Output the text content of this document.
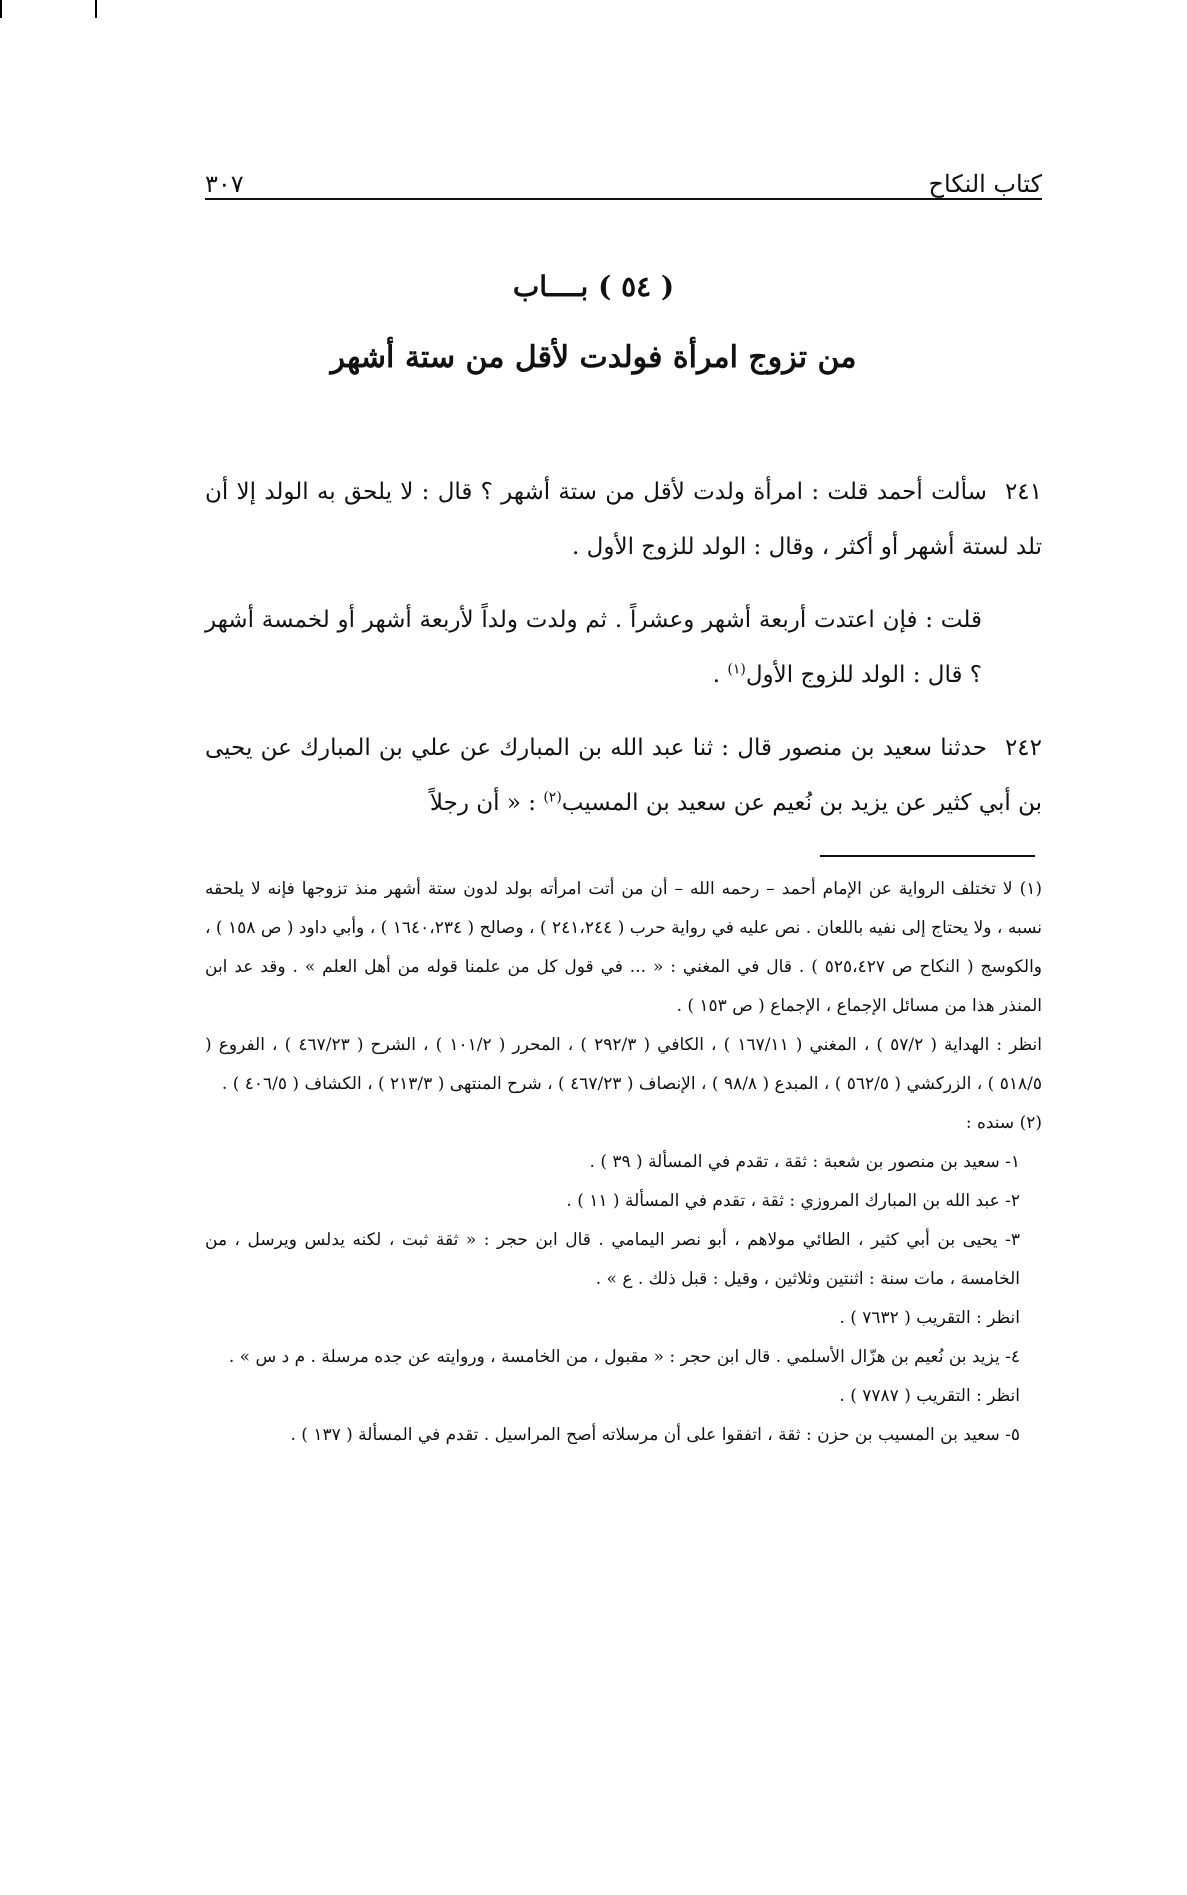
كتاب النكاح
٣٠٧
( ٥٤ ) بــــاب
من تزوج امرأة فولدت لأقل من ستة أشهر

٢٤١سألت أحمد قلت : امرأة ولدت لأقل من ستة أشهر ؟ قال : لا يلحق به الولد إلا أن تلد لستة أشهر أو أكثر ، وقال : الولد للزوج الأول .

قلت : فإن اعتدت أربعة أشهر وعشراً . ثم ولدت ولداً لأربعة أشهر أو لخمسة أشهر ؟ قال : الولد للزوج الأول$^{(١)}$ .

٢٤٢حدثنا سعيد بن منصور قال : ثنا عبد الله بن المبارك عن علي بن المبارك عن يحيى بن أبي كثير عن يزيد بن نُعيم عن سعيد بن المسيب$^{(٢)}$ : « أن رجلاً

(١) لا تختلف الرواية عن الإمام أحمد – رحمه الله – أن من أتت امرأته بولد لدون ستة أشهر منذ تزوجها فإنه لا يلحقه نسبه ، ولا يحتاج إلى نفيه باللعان . نص عليه في رواية حرب ( ٢٤١،٢٤٤ ) ، وصالح ( ١٦٤٠،٢٣٤ ) ، وأبي داود ( ص ١٥٨ ) ، والكوسج ( النكاح ص ٥٢٥،٤٢٧ ) . قال في المغني : « ... في قول كل من علمنا قوله من أهل العلم » . وقد عد ابن المنذر هذا من مسائل الإجماع ، الإجماع ( ص ١٥٣ ) .

انظر : الهداية ( ٥٧/٢ ) ، المغني ( ١٦٧/١١ ) ، الكافي ( ٢٩٢/٣ ) ، المحرر ( ١٠١/٢ ) ، الشرح ( ٤٦٧/٢٣ ) ، الفروع ( ٥١٨/٥ ) ، الزركشي ( ٥٦٢/٥ ) ، المبدع ( ٩٨/٨ ) ، الإنصاف ( ٤٦٧/٢٣ ) ، شرح المنتهى ( ٢١٣/٣ ) ، الكشاف ( ٤٠٦/٥ ) .

(٢) سنده :

١- سعيد بن منصور بن شعبة : ثقة ، تقدم في المسألة ( ٣٩ ) .

٢- عبد الله بن المبارك المروزي : ثقة ، تقدم في المسألة ( ١١ ) .

٣- يحيى بن أبي كثير ، الطائي مولاهم ، أبو نصر اليمامي . قال ابن حجر : « ثقة ثبت ، لكنه يدلس ويرسل ، من الخامسة ، مات سنة : اثنتين وثلاثين ، وقيل : قبل ذلك . ع » .

انظر : التقريب ( ٧٦٣٢ ) .

٤- يزيد بن نُعيم بن هزّال الأسلمي . قال ابن حجر : « مقبول ، من الخامسة ، وروايته عن جده مرسلة . م د س » .

انظر : التقريب ( ٧٧٨٧ ) .

٥- سعيد بن المسيب بن حزن : ثقة ، اتفقوا على أن مرسلاته أصح المراسيل . تقدم في المسألة ( ١٣٧ ) .
